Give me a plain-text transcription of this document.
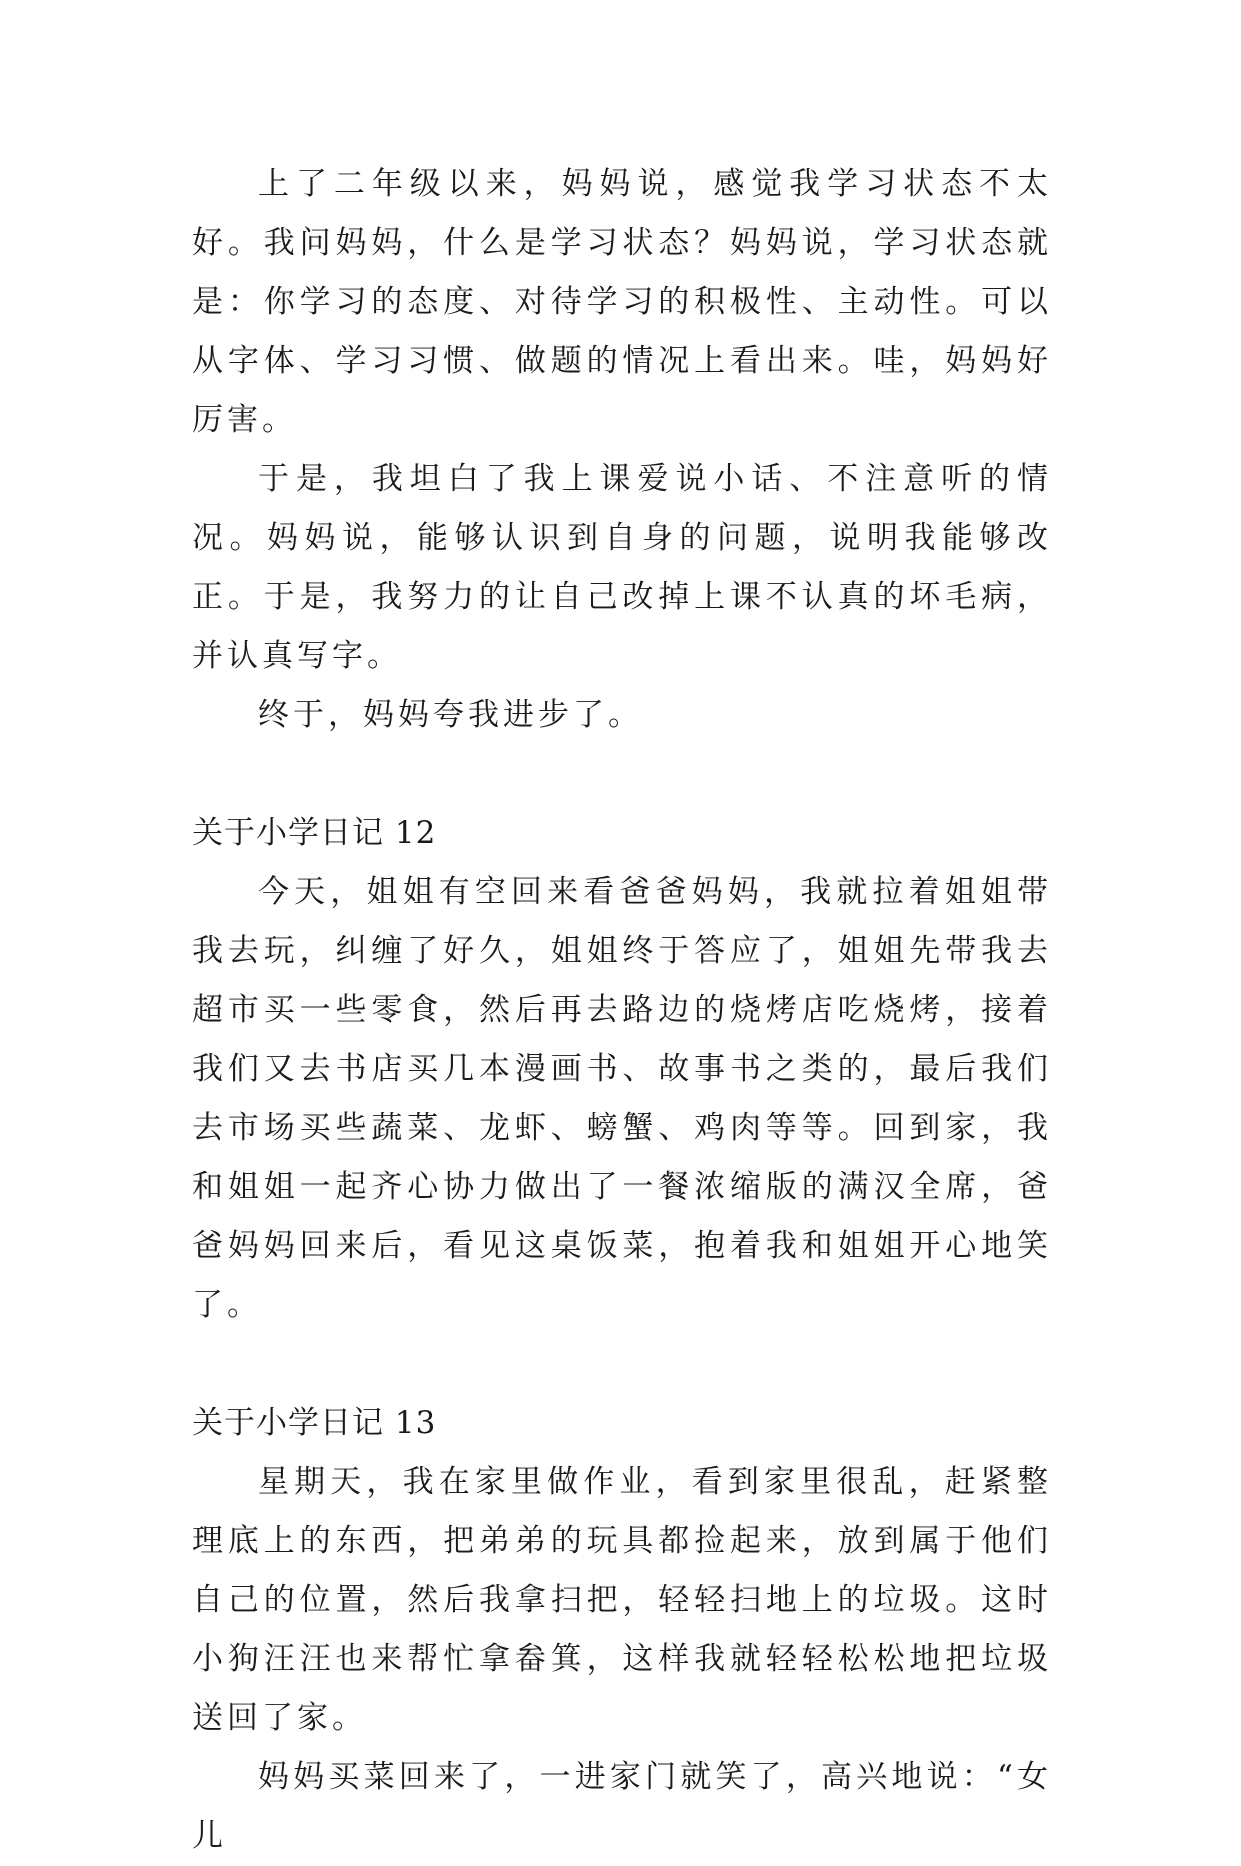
上了二年级以来，妈妈说，感觉我学习状态不太好。我问妈妈，什么是学习状态？妈妈说，学习状态就是：你学习的态度、对待学习的积极性、主动性。可以从字体、学习习惯、做题的情况上看出来。哇，妈妈好厉害。

于是，我坦白了我上课爱说小话、不注意听的情况。妈妈说，能够认识到自身的问题，说明我能够改正。于是，我努力的让自己改掉上课不认真的坏毛病，并认真写字。

终于，妈妈夸我进步了。

关于小学日记 12

今天，姐姐有空回来看爸爸妈妈，我就拉着姐姐带我去玩，纠缠了好久，姐姐终于答应了，姐姐先带我去超市买一些零食，然后再去路边的烧烤店吃烧烤，接着我们又去书店买几本漫画书、故事书之类的，最后我们去市场买些蔬菜、龙虾、螃蟹、鸡肉等等。回到家，我和姐姐一起齐心协力做出了一餐浓缩版的满汉全席，爸爸妈妈回来后，看见这桌饭菜，抱着我和姐姐开心地笑了。

关于小学日记 13

星期天，我在家里做作业，看到家里很乱，赶紧整理底上的东西，把弟弟的玩具都捡起来，放到属于他们自己的位置，然后我拿扫把，轻轻扫地上的垃圾。这时小狗汪汪也来帮忙拿畚箕，这样我就轻轻松松地把垃圾送回了家。

妈妈买菜回来了，一进家门就笑了，高兴地说：“女儿
